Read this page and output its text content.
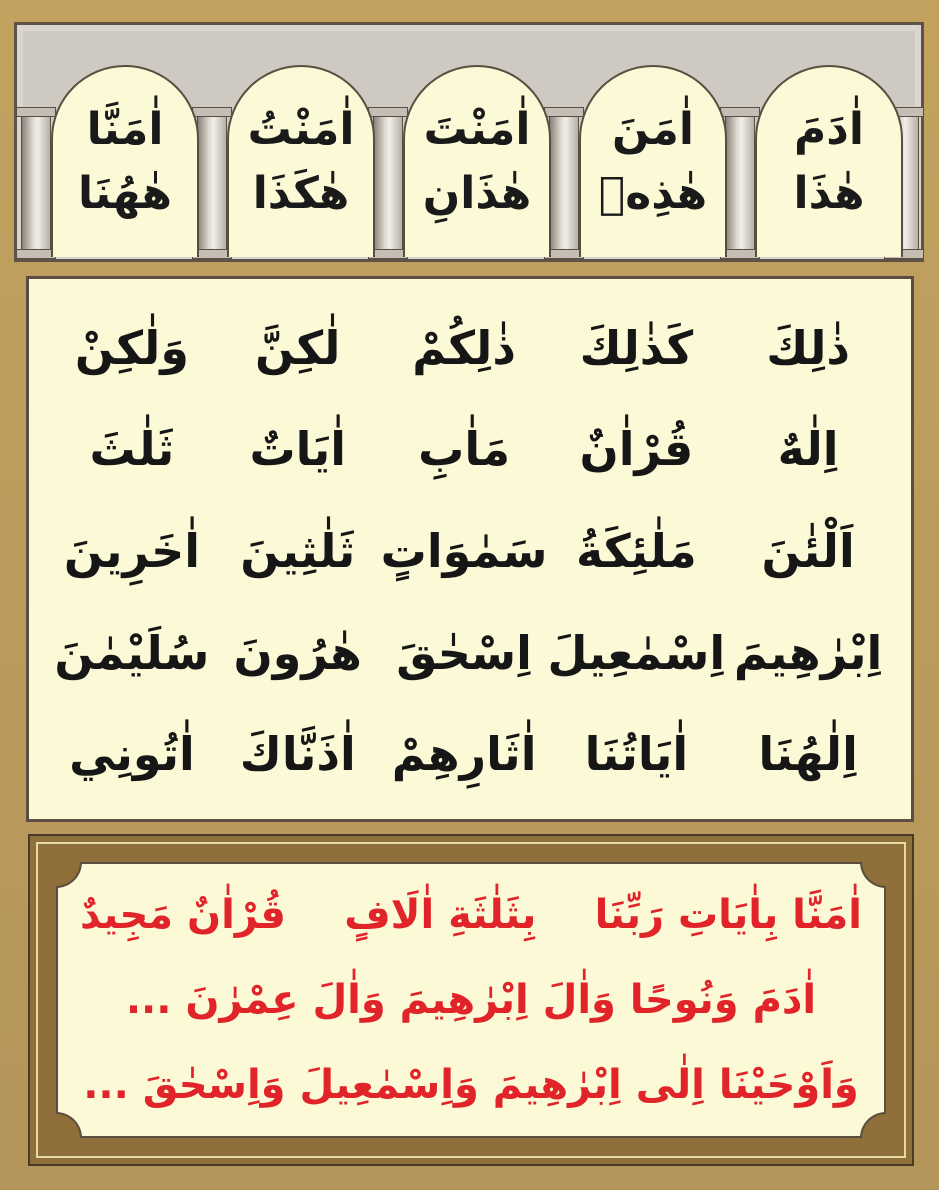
اٰدَمَ
هٰذَا
اٰمَنَ
هٰذِهٖ
اٰمَنْتَ
هٰذَانِ
اٰمَنْتُ
هٰكَذَا
اٰمَنَّا
هٰهُنَا
ذٰلِكَ
كَذٰلِكَ
ذٰلِكُمْ
لٰكِنَّ
وَلٰكِنْ
اِلٰهٌ
قُرْاٰنٌ
مَاٰبِ
اٰيَاتٌ
ثَلٰثَ
اَلْئٰنَ
مَلٰئِكَةُ
سَمٰوَاتٍ
ثَلٰثِينَ
اٰخَرِينَ
اِبْرٰهِيمَ
اِسْمٰعِيلَ
اِسْحٰقَ
هٰرُونَ
سُلَيْمٰنَ
اِلٰهُنَا
اٰيَاتُنَا
اٰثَارِهِمْ
اٰذَنَّاكَ
اٰتُونِي
اٰمَنَّا بِاٰيَاتِ رَبِّنَا
بِثَلٰثَةِ اٰلَافٍ
قُرْاٰنٌ مَجِيدٌ
اٰدَمَ وَنُوحًا وَاٰلَ اِبْرٰهِيمَ وَاٰلَ عِمْرٰنَ ...
وَاَوْحَيْنَا اِلٰى اِبْرٰهِيمَ وَاِسْمٰعِيلَ وَاِسْحٰقَ ...
